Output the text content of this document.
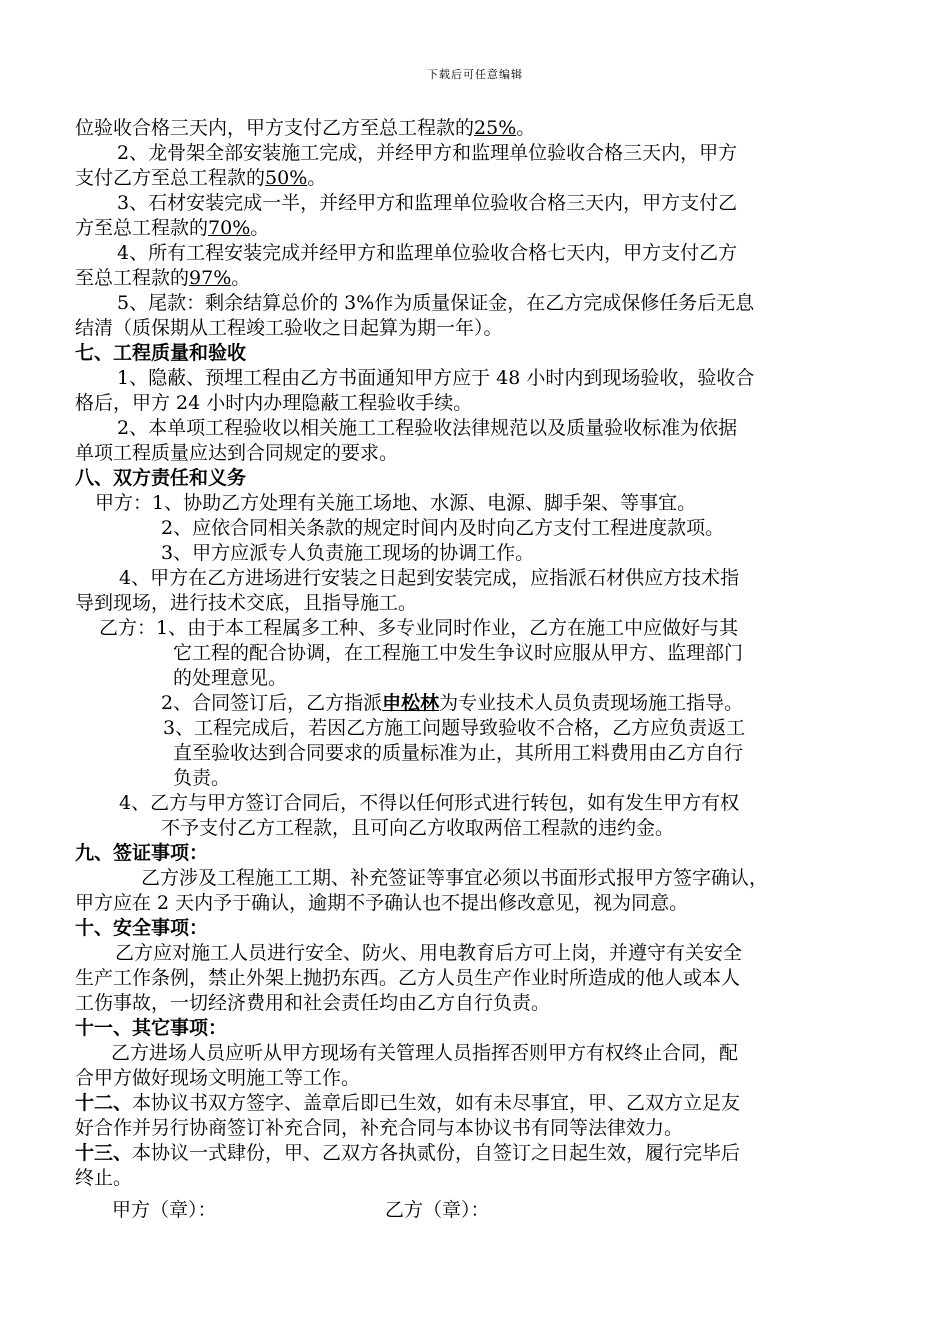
下载后可任意编辑

位验收合格三天内，甲方支付乙方至总工程款的25%。

2、龙骨架全部安装施工完成，并经甲方和监理单位验收合格三天内，甲方

支付乙方至总工程款的50%。

3、石材安装完成一半，并经甲方和监理单位验收合格三天内，甲方支付乙

方至总工程款的70%。

4、所有工程安装完成并经甲方和监理单位验收合格七天内，甲方支付乙方

至总工程款的97%。

5、尾款：剩余结算总价的 3%作为质量保证金，在乙方完成保修任务后无息

结清（质保期从工程竣工验收之日起算为期一年）。

七、工程质量和验收

1、隐蔽、预埋工程由乙方书面通知甲方应于 48 小时内到现场验收，验收合

格后，甲方 24 小时内办理隐蔽工程验收手续。

2、本单项工程验收以相关施工工程验收法律规范以及质量验收标准为依据

单项工程质量应达到合同规定的要求。

八、双方责任和义务

甲方：1、协助乙方处理有关施工场地、水源、电源、脚手架、等事宜。

2、应依合同相关条款的规定时间内及时向乙方支付工程进度款项。

3、甲方应派专人负责施工现场的协调工作。

4、甲方在乙方进场进行安装之日起到安装完成，应指派石材供应方技术指

导到现场，进行技术交底，且指导施工。

乙方：1、由于本工程属多工种、多专业同时作业，乙方在施工中应做好与其

它工程的配合协调，在工程施工中发生争议时应服从甲方、监理部门

的处理意见。

2、合同签订后，乙方指派申松林为专业技术人员负责现场施工指导。

3、工程完成后，若因乙方施工问题导致验收不合格，乙方应负责返工

直至验收达到合同要求的质量标准为止，其所用工料费用由乙方自行

负责。

4、乙方与甲方签订合同后，不得以任何形式进行转包，如有发生甲方有权

不予支付乙方工程款，且可向乙方收取两倍工程款的违约金。

九、签证事项：

乙方涉及工程施工工期、补充签证等事宜必须以书面形式报甲方签字确认，

甲方应在 2 天内予于确认，逾期不予确认也不提出修改意见，视为同意。

十、安全事项：

乙方应对施工人员进行安全、防火、用电教育后方可上岗，并遵守有关安全

生产工作条例，禁止外架上抛扔东西。乙方人员生产作业时所造成的他人或本人

工伤事故，一切经济费用和社会责任均由乙方自行负责。

十一、其它事项：

乙方进场人员应听从甲方现场有关管理人员指挥否则甲方有权终止合同，配

合甲方做好现场文明施工等工作。

十二、本协议书双方签字、盖章后即已生效，如有未尽事宜，甲、乙双方立足友

好合作并另行协商签订补充合同，补充合同与本协议书有同等法律效力。

十三、本协议一式肆份，甲、乙双方各执贰份，自签订之日起生效，履行完毕后

终止。

甲方（章）：	乙方（章）：
